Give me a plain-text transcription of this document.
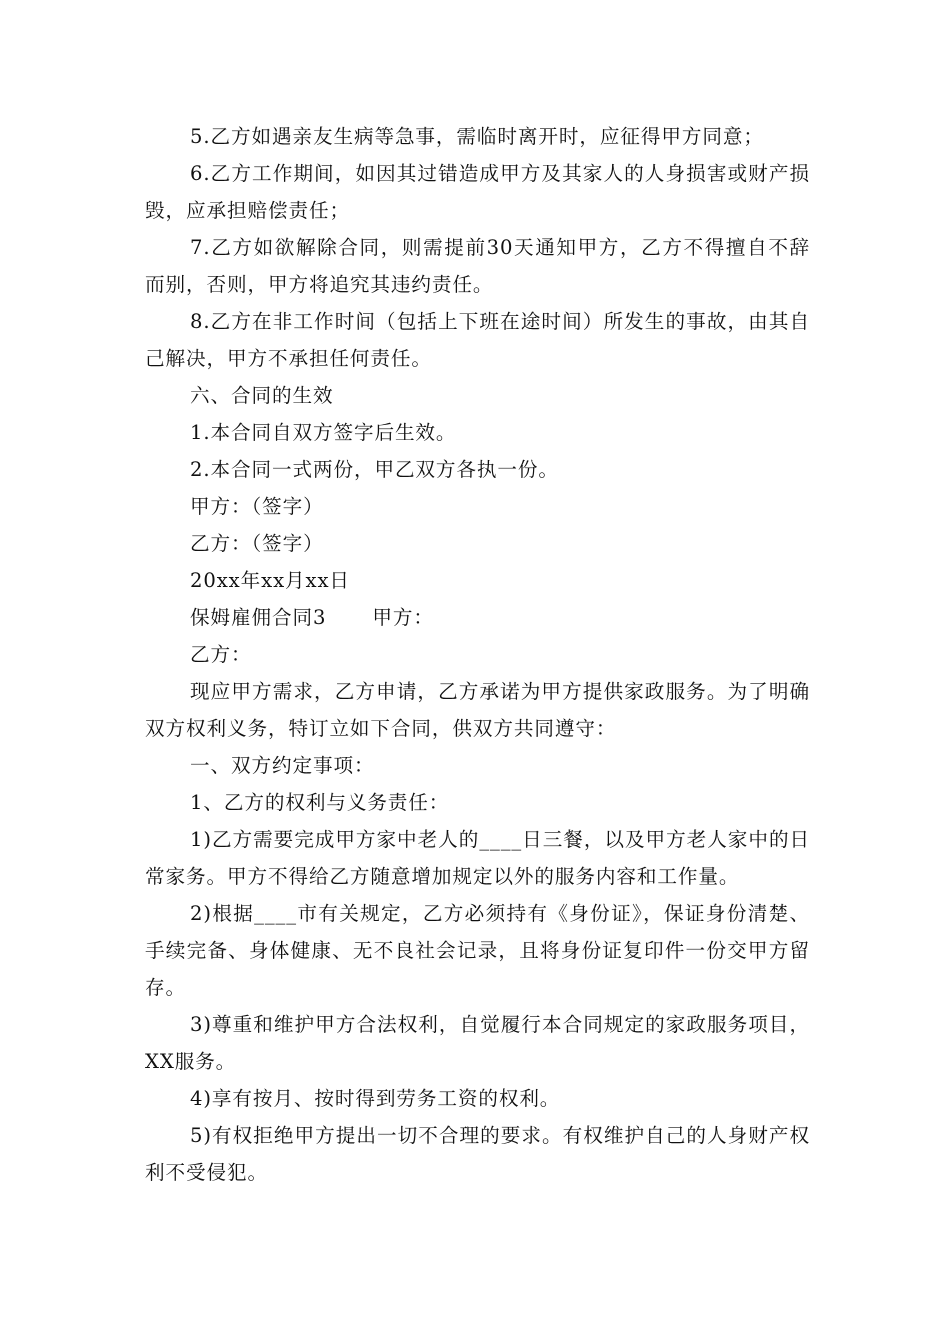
5.乙方如遇亲友生病等急事，需临时离开时，应征得甲方同意；

6.乙方工作期间，如因其过错造成甲方及其家人的人身损害或财产损毁，应承担赔偿责任；

7.乙方如欲解除合同，则需提前30天通知甲方，乙方不得擅自不辞而别，否则，甲方将追究其违约责任。

8.乙方在非工作时间（包括上下班在途时间）所发生的事故，由其自己解决，甲方不承担任何责任。

六、合同的生效

1.本合同自双方签字后生效。

2.本合同一式两份，甲乙双方各执一份。

甲方：（签字）

乙方：（签字）

20xx年xx月xx日

保姆雇佣合同3 甲方：

乙方：

现应甲方需求，乙方申请，乙方承诺为甲方提供家政服务。为了明确双方权利义务，特订立如下合同，供双方共同遵守：

一、双方约定事项：

1、乙方的权利与义务责任：

1)乙方需要完成甲方家中老人的____日三餐，以及甲方老人家中的日常家务。甲方不得给乙方随意增加规定以外的服务内容和工作量。

2)根据____市有关规定，乙方必须持有《身份证》，保证身份清楚、手续完备、身体健康、无不良社会记录，且将身份证复印件一份交甲方留存。

3)尊重和维护甲方合法权利，自觉履行本合同规定的家政服务项目，XX服务。

4)享有按月、按时得到劳务工资的权利。

5)有权拒绝甲方提出一切不合理的要求。有权维护自己的人身财产权利不受侵犯。
